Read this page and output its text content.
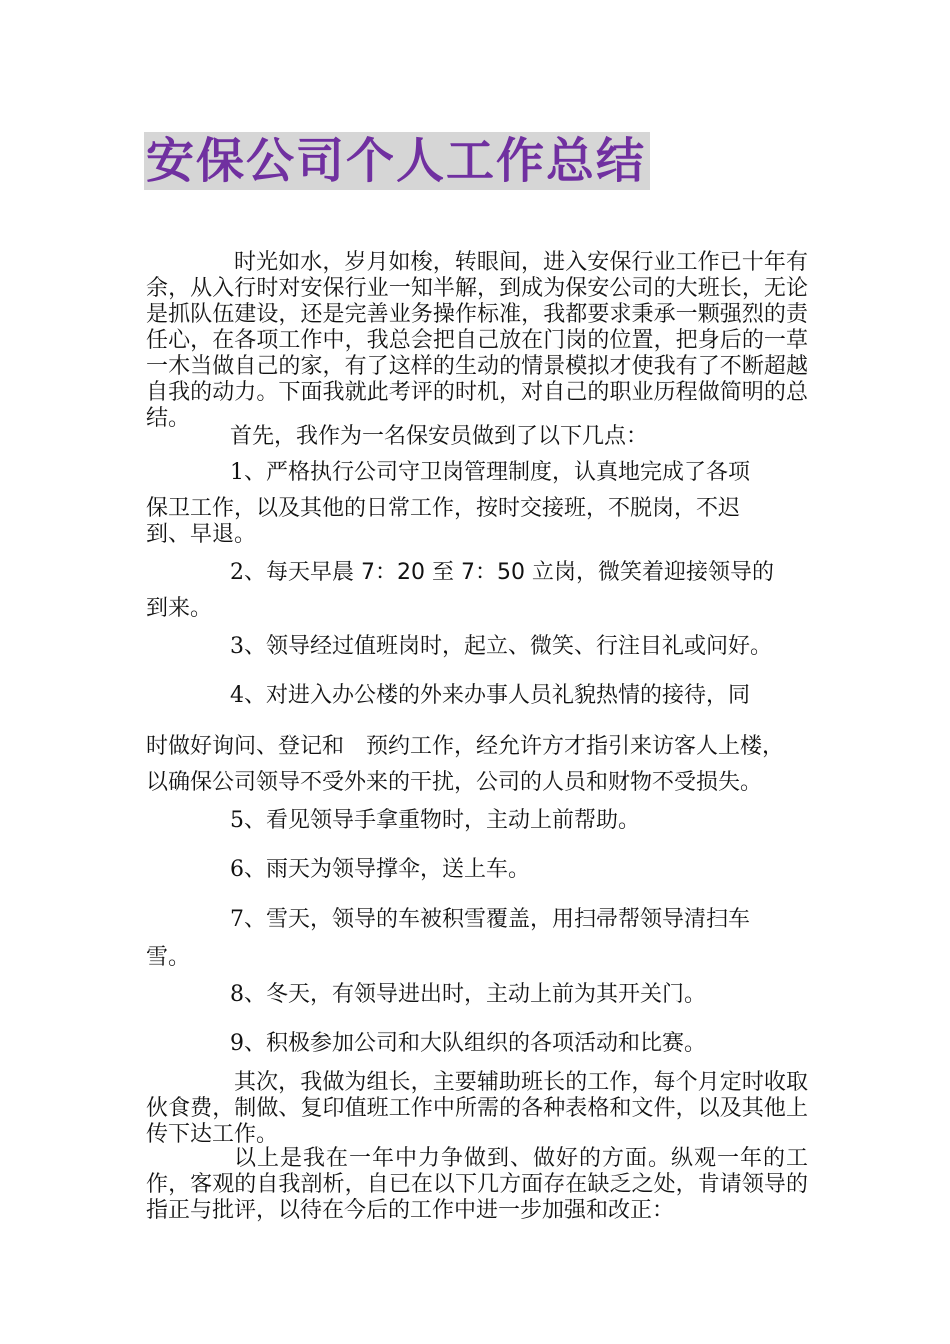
安保公司个人工作总结

时光如水，岁月如梭，转眼间，进入安保行业工作已十年有余，从入行时对安保行业一知半解，到成为保安公司的大班长，无论是抓队伍建设，还是完善业务操作标准，我都要求秉承一颗强烈的责任心，在各项工作中，我总会把自己放在门岗的位置，把身后的一草一木当做自己的家，有了这样的生动的情景模拟才使我有了不断超越自我的动力。下面我就此考评的时机，对自己的职业历程做简明的总结。

首先，我作为一名保安员做到了以下几点：

1、严格执行公司守卫岗管理制度，认真地完成了各项

保卫工作，以及其他的日常工作，按时交接班，不脱岗，不迟

到、早退。

2、每天早晨 7：20 至 7：50 立岗，微笑着迎接领导的

到来。

3、领导经过值班岗时，起立、微笑、行注目礼或问好。

4、对进入办公楼的外来办事人员礼貌热情的接待，同

时做好询问、登记和　预约工作，经允许方才指引来访客人上楼，

以确保公司领导不受外来的干扰，公司的人员和财物不受损失。

5、看见领导手拿重物时，主动上前帮助。

6、雨天为领导撑伞，送上车。

7、雪天，领导的车被积雪覆盖，用扫帚帮领导清扫车

雪。

8、冬天，有领导进出时，主动上前为其开关门。

9、积极参加公司和大队组织的各项活动和比赛。

其次，我做为组长，主要辅助班长的工作，每个月定时收取伙食费，制做、复印值班工作中所需的各种表格和文件，以及其他上传下达工作。

以上是我在一年中力争做到、做好的方面。纵观一年的工作，客观的自我剖析，自已在以下几方面存在缺乏之处，肯请领导的指正与批评，以待在今后的工作中进一步加强和改正：
